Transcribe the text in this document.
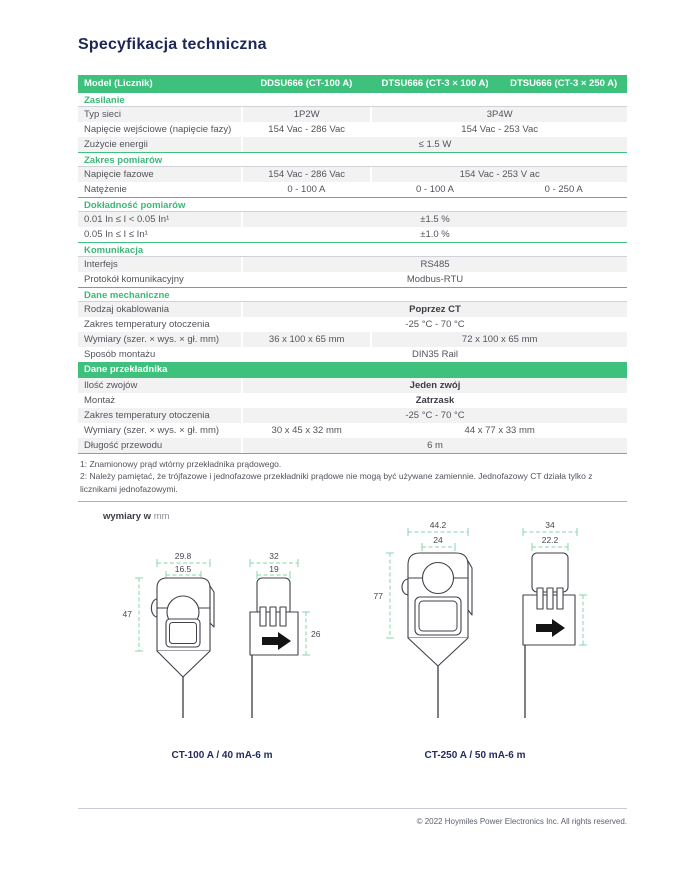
Specyfikacja techniczna
Model (Licznik)	DDSU666 (CT-100 A)	DTSU666 (CT-3 × 100 A)	DTSU666 (CT-3 × 250 A)
Zasilanie
Typ sieci	1P2W	3P4W
Napięcie wejściowe (napięcie fazy)	154 Vac - 286 Vac	154 Vac - 253 Vac
Zużycie energii	≤ 1.5 W
Zakres pomiarów
Napięcie fazowe	154 Vac - 286 Vac	154 Vac - 253 V ac
Natężenie	0 - 100 A	0 - 100 A	0 - 250 A
Dokładność pomiarów
0.01 In ≤ I < 0.05 In¹	±1.5 %
0.05 In ≤ I ≤ In¹	±1.0 %
Komunikacja
Interfejs	RS485
Protokół komunikacyjny	Modbus-RTU
Dane mechaniczne
Rodzaj okablowania	Poprzez CT
Zakres temperatury otoczenia	-25 °C - 70 °C
Wymiary (szer. × wys. × gł. mm)	36 x 100 x 65 mm	72 x 100 x 65 mm
Sposób montażu	DIN35 Rail
Dane przekładnika
Ilość zwojów	Jeden zwój
Montaż	Zatrzask
Zakres temperatury otoczenia	-25 °C - 70 °C
Wymiary (szer. × wys. × gł. mm)	30 x 45 x 32 mm	44 x 77 x 33 mm
Długość przewodu	6 m
1: Znamionowy prąd wtórny przekładnika prądowego.
2: Należy pamiętać, że trójfazowe i jednofazowe przekładniki prądowe nie mogą być używane zamiennie. Jednofazowy CT działa tylko z licznikami jednofazowymi.
wymiary w mm
29.8
16.5
47
32
19
26
44.2
24
77
34
22.2
CT-100 A / 40 mA-6 m	CT-250 A / 50 mA-6 m
© 2022 Hoymiles Power Electronics Inc. All rights reserved.
